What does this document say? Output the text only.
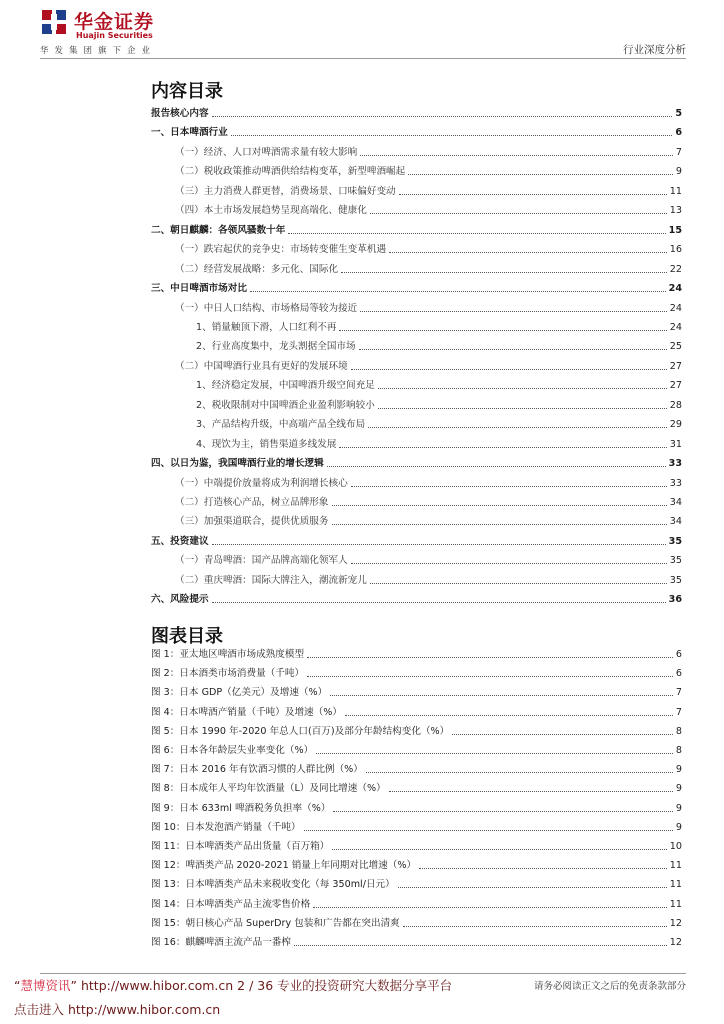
华金证券
Huajin Securities
华发集团旗下企业	行业深度分析
内容目录
报告核心内容	5
一、日本啤酒行业	6
（一）经济、人口对啤酒需求量有较大影响	7
（二）税收政策推动啤酒供给结构变革，新型啤酒崛起	9
（三）主力消费人群更替，消费场景、口味偏好变动	11
（四）本土市场发展趋势呈现高端化、健康化	13
二、朝日麒麟：各领风骚数十年	15
（一）跌宕起伏的竞争史：市场转变催生变革机遇	16
（二）经营发展战略：多元化、国际化	22
三、中日啤酒市场对比	24
（一）中日人口结构、市场格局等较为接近	24
1、销量触顶下滑，人口红利不再	24
2、行业高度集中，龙头割据全国市场	25
（二）中国啤酒行业具有更好的发展环境	27
1、经济稳定发展，中国啤酒升级空间充足	27
2、税收限制对中国啤酒企业盈利影响较小	28
3、产品结构升级，中高端产品全线布局	29
4、现饮为主，销售渠道多线发展	31
四、以日为鉴，我国啤酒行业的增长逻辑	33
（一）中端提价放量将成为利润增长核心	33
（二）打造核心产品，树立品牌形象	34
（三）加强渠道联合，提供优质服务	34
五、投资建议	35
（一）青岛啤酒：国产品牌高端化领军人	35
（二）重庆啤酒：国际大牌注入，潮流新宠儿	35
六、风险提示	36
图表目录
图 1：亚太地区啤酒市场成熟度模型	6
图 2：日本酒类市场消费量（千吨）	6
图 3：日本 GDP（亿美元）及增速（%）	7
图 4：日本啤酒产销量（千吨）及增速（%）	7
图 5：日本 1990 年-2020 年总人口(百万)及部分年龄结构变化（%）	8
图 6：日本各年龄层失业率变化（%）	8
图 7：日本 2016 年有饮酒习惯的人群比例（%）	9
图 8：日本成年人平均年饮酒量（L）及同比增速（%）	9
图 9：日本 633ml 啤酒税务负担率（%）	9
图 10：日本发泡酒产销量（千吨）	9
图 11：日本啤酒类产品出货量（百万箱）	10
图 12：啤酒类产品 2020-2021 销量上年同期对比增速（%）	11
图 13：日本啤酒类产品未来税收变化（每 350ml/日元）	11
图 14：日本啤酒类产品主流零售价格	11
图 15：朝日核心产品 SuperDry 包装和广告都在突出清爽	12
图 16：麒麟啤酒主流产品一番榨	12
“慧博资讯” http://www.hibor.com.cn 2 / 36 专业的投资研究大数据分享平台
点击进入 http://www.hibor.com.cn
请务必阅读正文之后的免责条款部分
